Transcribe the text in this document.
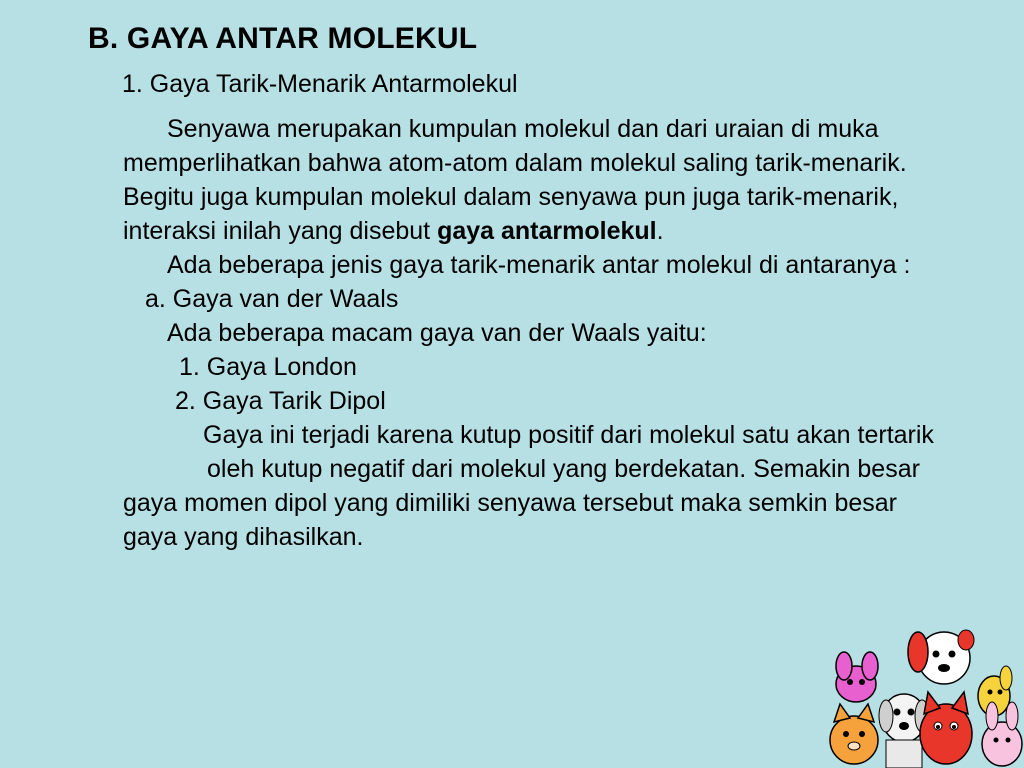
B. GAYA ANTAR MOLEKUL
1. Gaya Tarik-Menarik Antarmolekul

Senyawa merupakan kumpulan molekul dan dari uraian di muka memperlihatkan bahwa atom-atom dalam molekul saling tarik-menarik. Begitu juga kumpulan molekul dalam senyawa pun juga tarik-menarik, interaksi inilah yang disebut gaya antarmolekul.

Ada beberapa jenis gaya tarik-menarik antar molekul di antaranya :

a. Gaya van der Waals

Ada beberapa macam gaya van der Waals yaitu:

1. Gaya London

2. Gaya Tarik Dipol

Gaya ini terjadi karena kutup positif dari molekul satu akan tertarikoleh kutup negatif dari molekul yang berdekatan. Semakin besar gaya momen dipol yang dimiliki senyawa tersebut maka semkin besar gaya yang dihasilkan.
